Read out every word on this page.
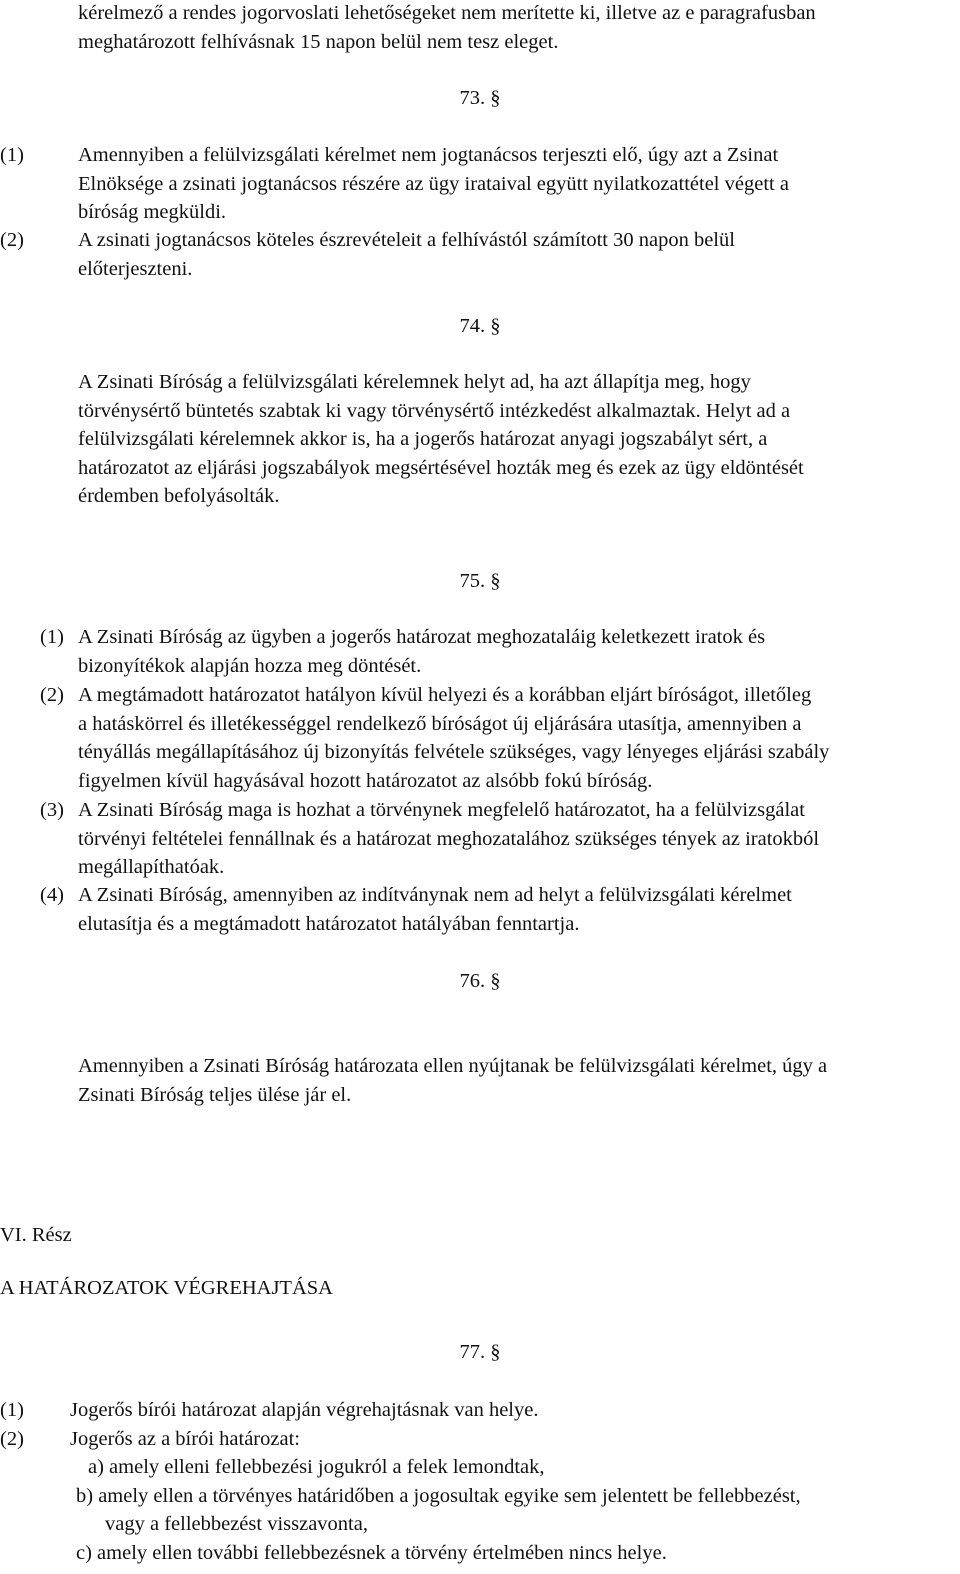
kérelmező a rendes jogorvoslati lehetőségeket nem merítette ki, illetve az e paragrafusban
meghatározott felhívásnak 15 napon belül nem tesz eleget.
73. §
(1)	Amennyiben a felülvizsgálati kérelmet nem jogtanácsos terjeszti elő, úgy azt a Zsinat
Elnöksége a zsinati jogtanácsos részére az ügy irataival együtt nyilatkozattétel végett a
bíróság megküldi.
(2)	A zsinati jogtanácsos köteles észrevételeit a felhívástól számított 30 napon belül
előterjeszteni.
74. §
A Zsinati Bíróság a felülvizsgálati kérelemnek helyt ad, ha azt állapítja meg, hogy
törvénysértő büntetés szabtak ki vagy törvénysértő intézkedést alkalmaztak. Helyt ad a
felülvizsgálati kérelemnek akkor is, ha a jogerős határozat anyagi jogszabályt sért, a
határozatot az eljárási jogszabályok megsértésével hozták meg és ezek az ügy eldöntését
érdemben befolyásolták.
75. §
(1) A Zsinati Bíróság az ügyben a jogerős határozat meghozataláig keletkezett iratok és
bizonyítékok alapján hozza meg döntését.
(2) A megtámadott határozatot hatályon kívül helyezi és a korábban eljárt bíróságot, illetőleg
a hatáskörrel és illetékességgel rendelkező bíróságot új eljárására utasítja, amennyiben a
tényállás megállapításához új bizonyítás felvétele szükséges, vagy lényeges eljárási szabály
figyelmen kívül hagyásával hozott határozatot az alsóbb fokú bíróság.
(3) A Zsinati Bíróság maga is hozhat a törvénynek megfelelő határozatot, ha a felülvizsgálat
törvényi feltételei fennállnak és a határozat meghozatalához szükséges tények az iratokból
megállapíthatóak.
(4) A Zsinati Bíróság, amennyiben az indítványnak nem ad helyt a felülvizsgálati kérelmet
elutasítja és a megtámadott határozatot hatályában fenntartja.
76. §
Amennyiben a Zsinati Bíróság határozata ellen nyújtanak be felülvizsgálati kérelmet, úgy a
Zsinati Bíróság teljes ülése jár el.
VI. Rész
A HATÁROZATOK VÉGREHAJTÁSA
77. §
(1) Jogerős bírói határozat alapján végrehajtásnak van helye.
(2) Jogerős az a bírói határozat:
a) amely elleni fellebbezési jogukról a felek lemondtak,
b) amely ellen a törvényes határidőben a jogosultak egyike sem jelentett be fellebbezést,
vagy a fellebbezést visszavonta,
c) amely ellen további fellebbezésnek a törvény értelmében nincs helye.
